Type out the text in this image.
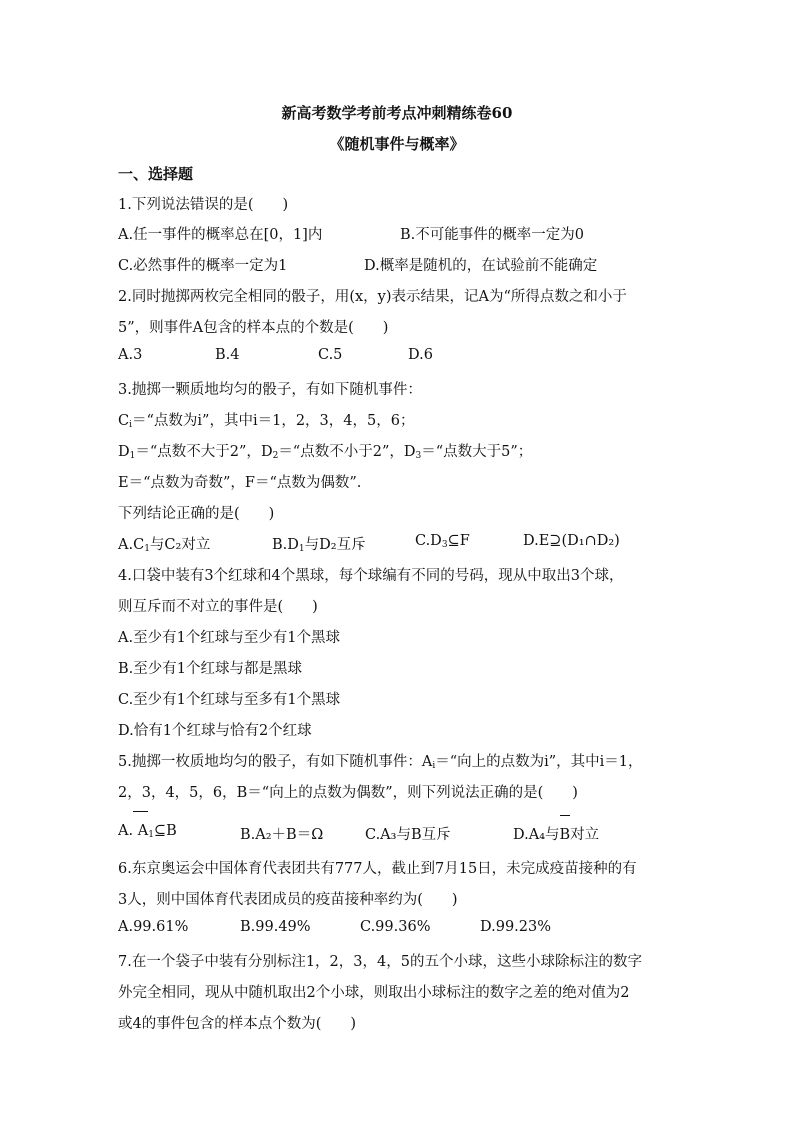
新高考数学考前考点冲刺精练卷60
《随机事件与概率》
一、选择题
1.下列说法错误的是(　　)
A.任一事件的概率总在[0，1]内	B.不可能事件的概率一定为0
C.必然事件的概率一定为1	D.概率是随机的，在试验前不能确定
2.同时抛掷两枚完全相同的骰子，用(x，y)表示结果，记A为“所得点数之和小于
5”，则事件A包含的样本点的个数是(　　)
A.3	B.4	C.5	D.6
3.抛掷一颗质地均匀的骰子，有如下随机事件：
$C_i=“$点数为i”，其中i＝1，2，3，4，5，6；
$D_1=“$点数不大于2”，$D_2=“$点数不小于2”，$D_3=“$点数大于5”；
E＝“点数为奇数”，F＝“点数为偶数”.
下列结论正确的是(　　)
$A.C_1$与C₂对立	$B.D_1$与D₂互斥	$C.D_3⊆F$	D.E⊇(D₁∩D₂)
4.口袋中装有3个红球和4个黑球，每个球编有不同的号码，现从中取出3个球，
则互斥而不对立的事件是(　　)
A.至少有1个红球与至少有1个黑球
B.至少有1个红球与都是黑球
C.至少有1个红球与至多有1个黑球
D.恰有1个红球与恰有2个红球
5.抛掷一枚质地均匀的骰子，有如下随机事件：$A_i=“$向上的点数为i”，其中i＝1，
2，3，4，5，6，B＝“向上的点数为偶数”，则下列说法正确的是(　　)
A. $A_1⊆B$	B.A₂＋B＝Ω	C.A₃与B互斥	D.A₄与B对立
6.东京奥运会中国体育代表团共有777人，截止到7月15日，未完成疫苗接种的有
3人，则中国体育代表团成员的疫苗接种率约为(　　)
A.99.61%	B.99.49%	C.99.36%	D.99.23%
7.在一个袋子中装有分别标注1，2，3，4，5的五个小球，这些小球除标注的数字
外完全相同，现从中随机取出2个小球，则取出小球标注的数字之差的绝对值为2
或4的事件包含的样本点个数为(　　)
